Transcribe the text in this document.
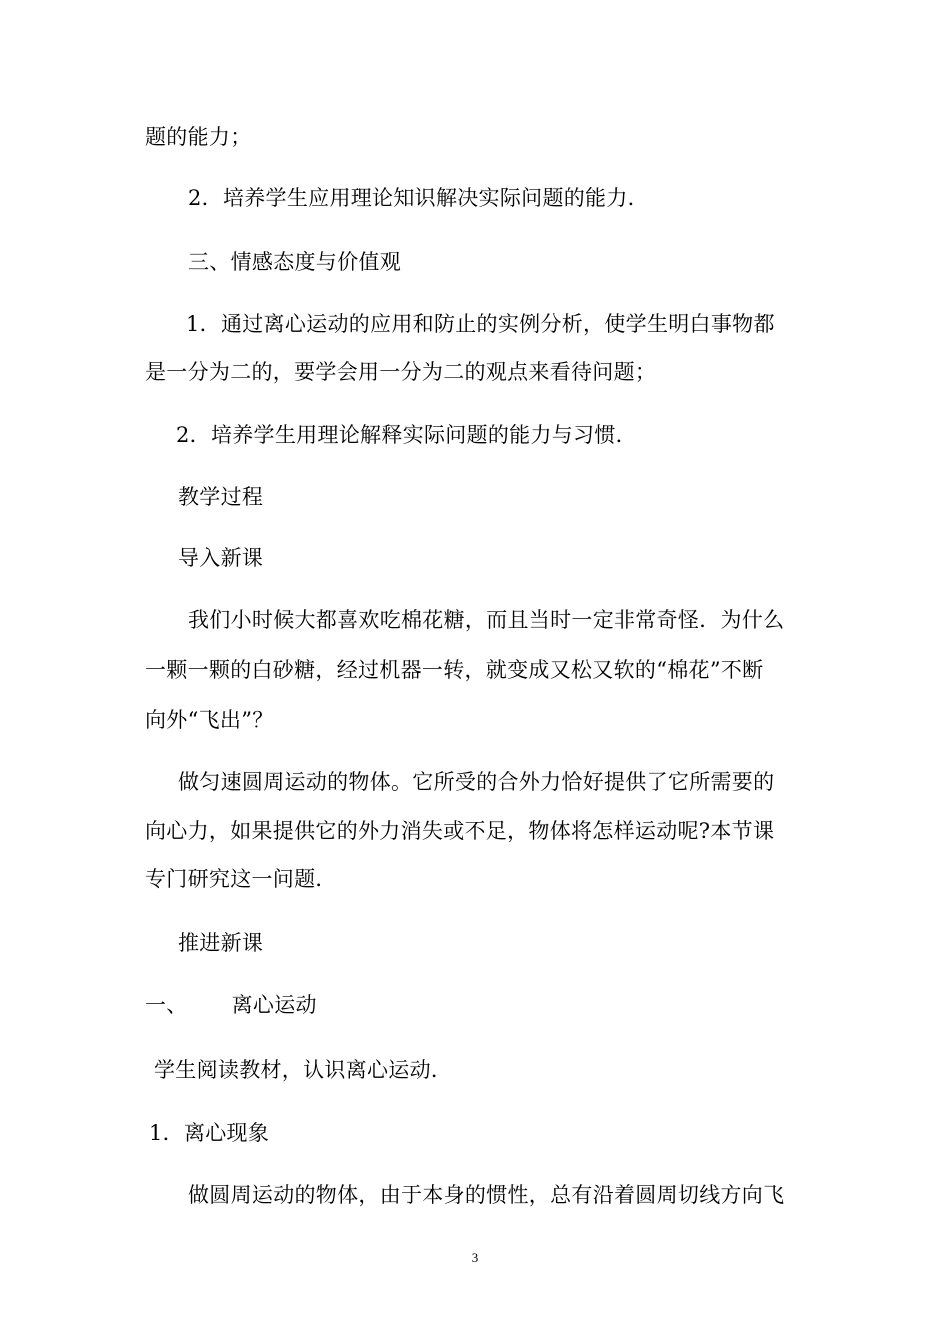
题的能力；
2．培养学生应用理论知识解决实际问题的能力．
三、情感态度与价值观
1．通过离心运动的应用和防止的实例分析，使学生明白事物都
是一分为二的，要学会用一分为二的观点来看待问题；
2．培养学生用理论解释实际问题的能力与习惯．
教学过程
导入新课
我们小时候大都喜欢吃棉花糖，而且当时一定非常奇怪．为什么
一颗一颗的白砂糖，经过机器一转，就变成又松又软的“棉花”不断
向外“飞出”？
做匀速圆周运动的物体。它所受的合外力恰好提供了它所需要的
向心力，如果提供它的外力消失或不足，物体将怎样运动呢?本节课
专门研究这一问题．
推进新课
一、 离心运动
学生阅读教材，认识离心运动．
1．离心现象
做圆周运动的物体，由于本身的惯性，总有沿着圆周切线方向飞
3
